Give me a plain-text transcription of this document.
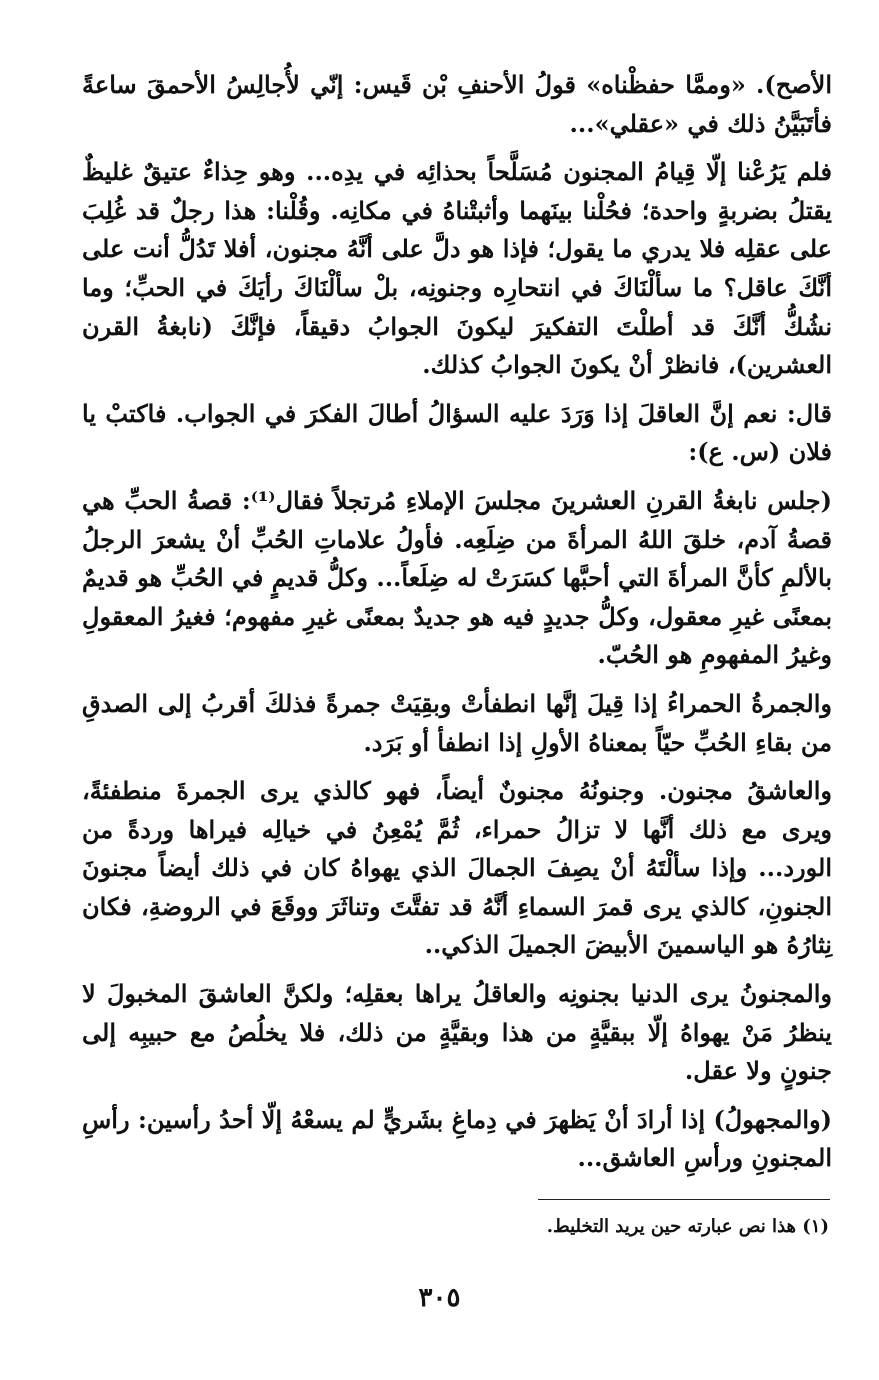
الأصح). «وممَّا حفظْناه» قولُ الأحنفِ بْن قَيس: إنّي لأُجالِسُ الأحمقَ ساعةً فأتَبَيَّنُ ذلك في «عقلي»...

فلم يَرُعْنا إلّا قِيامُ المجنون مُسَلَّحاً بحذائِه في يدِه... وهو حِذاءٌ عتيقٌ غليظٌ يقتلُ بضربةٍ واحدة؛ فحُلْنا بينَهما وأثبتْناهُ في مكانِه. وقُلْنا: هذا رجلٌ قد غُلِبَ على عقلِه فلا يدري ما يقول؛ فإذا هو دلَّ على أنَّهُ مجنون، أفلا تَدُلُّ أنت على أنَّكَ عاقل؟ ما سألْنَاكَ في انتحارِه وجنونِه، بلْ سألْنَاكَ رأيَكَ في الحبِّ؛ وما نشُكُّ أنَّكَ قد أطلْتَ التفكيرَ ليكونَ الجوابُ دقيقاً، فإنَّكَ (نابغةُ القرن العشرين)، فانظرْ أنْ يكونَ الجوابُ كذلك.

قال: نعم إنَّ العاقلَ إذا وَرَدَ عليه السؤالُ أطالَ الفكرَ في الجواب. فاكتبْ يا فلان (س. ع):

(جلس نابغةُ القرنِ العشرينَ مجلسَ الإملاءِ مُرتجلاً فقال⁽¹⁾: قصةُ الحبِّ هي قصةُ آدم، خلقَ اللهُ المرأةَ من ضِلَعِه. فأولُ علاماتِ الحُبِّ أنْ يشعرَ الرجلُ بالألمِ كأنَّ المرأةَ التي أحبَّها كسَرَتْ له ضِلَعاً... وكلُّ قديمٍ في الحُبِّ هو قديمٌ بمعنًى غيرِ معقول، وكلُّ جديدٍ فيه هو جديدٌ بمعنًى غيرِ مفهوم؛ فغيرُ المعقولِ وغيرُ المفهومِ هو الحُبّ.

والجمرةُ الحمراءُ إذا قِيلَ إنَّها انطفأتْ وبقِيَتْ جمرةً فذلكَ أقربُ إلى الصدقِ من بقاءِ الحُبِّ حيّاً بمعناهُ الأولِ إذا انطفأ أو بَرَد.

والعاشقُ مجنون. وجنونُهُ مجنونٌ أيضاً، فهو كالذي يرى الجمرةَ منطفئةً، ويرى مع ذلك أنَّها لا تزالُ حمراء، ثُمَّ يُمْعِنُ في خيالِه فيراها وردةً من الورد... وإذا سألْتَهُ أنْ يصِفَ الجمالَ الذي يهواهُ كان في ذلك أيضاً مجنونَ الجنونِ، كالذي يرى قمرَ السماءِ أنَّهُ قد تفتَّتَ وتناثَرَ ووقَعَ في الروضةِ، فكان نِثارُهُ هو الياسمينَ الأبيضَ الجميلَ الذكي..

والمجنونُ يرى الدنيا بجنونِه والعاقلُ يراها بعقلِه؛ ولكنَّ العاشقَ المخبولَ لا ينظرُ مَنْ يهواهُ إلّا ببقيَّةٍ من هذا وبقيَّةٍ من ذلك، فلا يخلُصُ مع حبيبِه إلى جنونٍ ولا عقل.

(والمجهولُ) إذا أرادَ أنْ يَظهرَ في دِماغِ بشَريٍّ لم يسعْهُ إلّا أحدُ رأسين: رأسِ المجنونِ ورأسِ العاشق...

(١) هذا نص عبارته حين يريد التخليط.
٣٠٥
